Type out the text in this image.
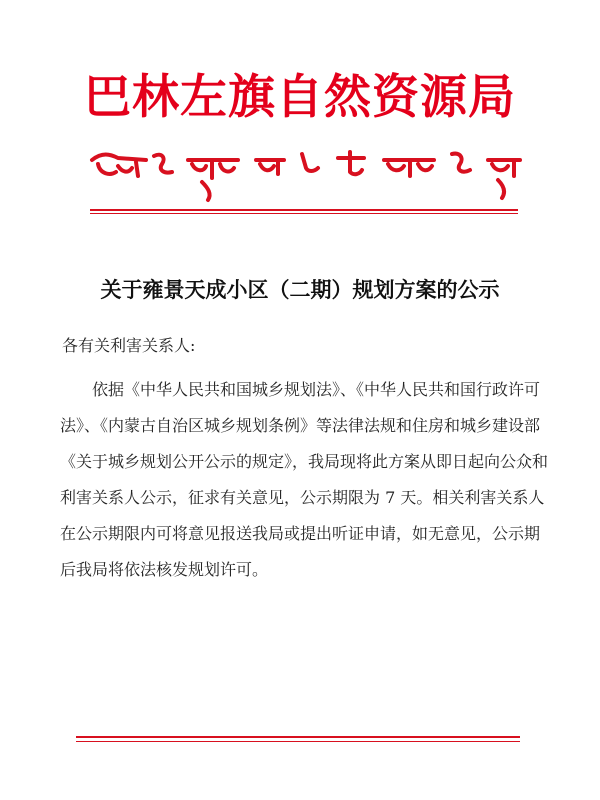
巴林左旗自然资源局
关于雍景天成小区（二期）规划方案的公示
各有关利害关系人:

依据《中华人民共和国城乡规划法》、《中华人民共和国行政许可法》、《内蒙古自治区城乡规划条例》等法律法规和住房和城乡建设部《关于城乡规划公开公示的规定》，我局现将此方案从即日起向公众和利害关系人公示，征求有关意见，公示期限为 7 天。相关利害关系人在公示期限内可将意见报送我局或提出听证申请，如无意见，公示期后我局将依法核发规划许可。
